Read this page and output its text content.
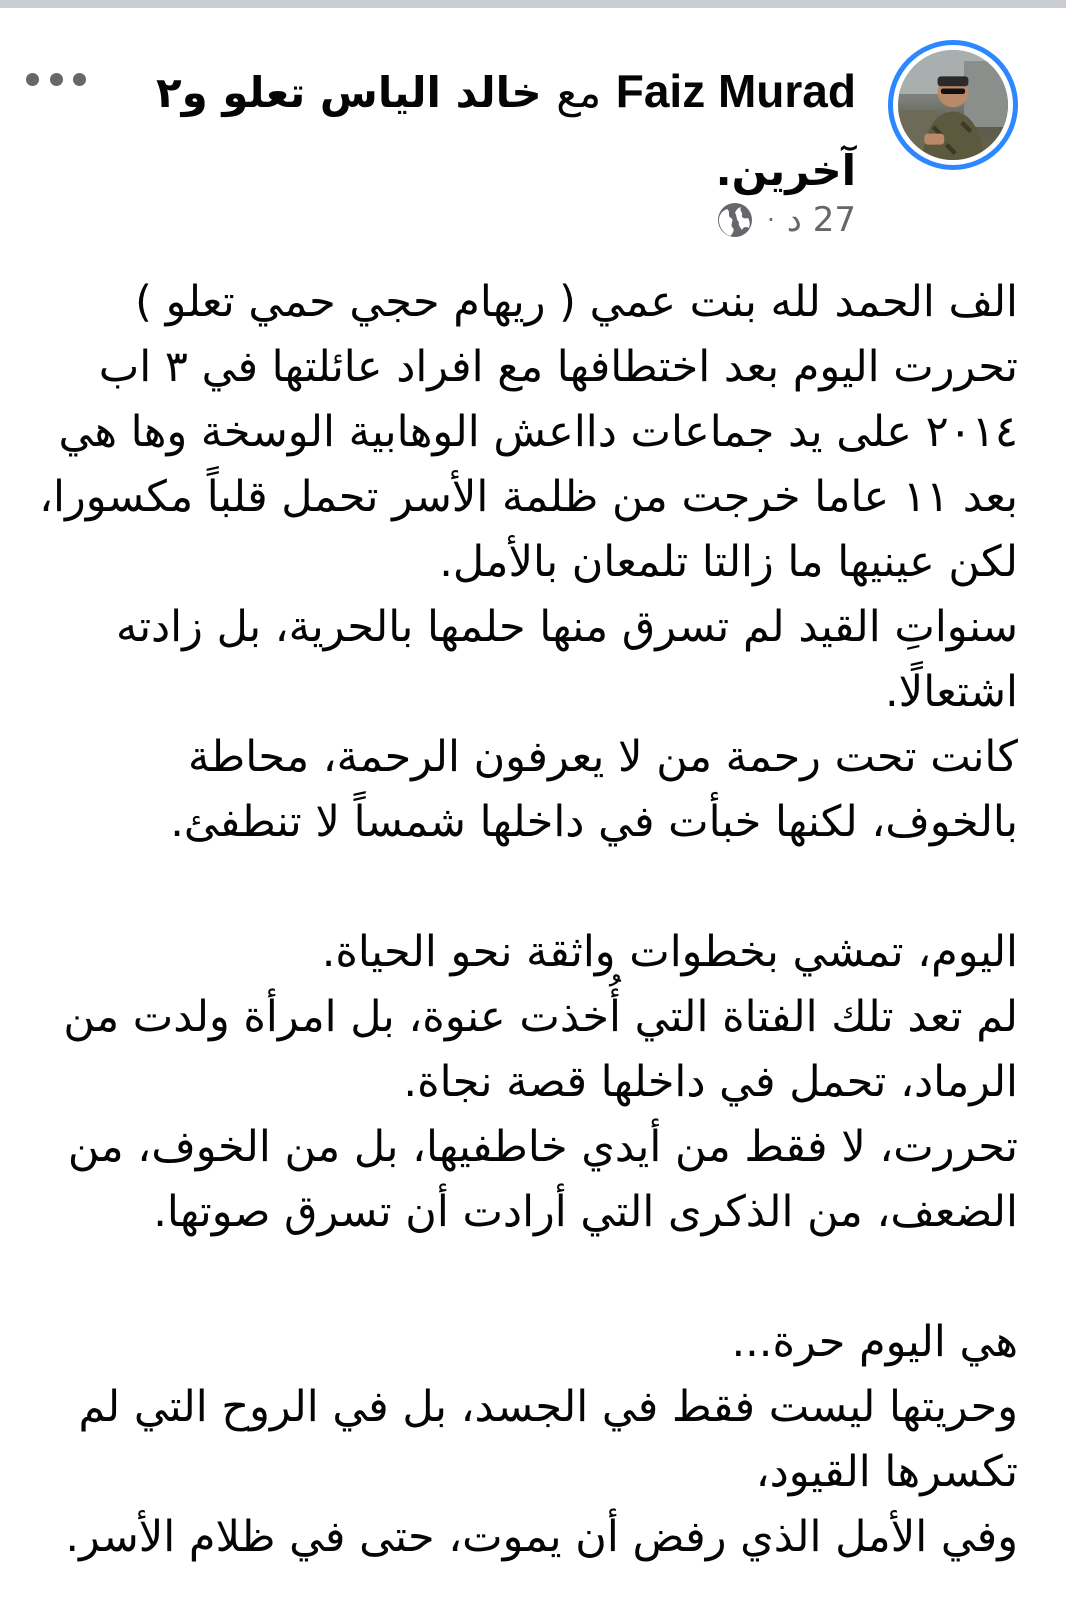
Faiz Murad مع خالد الياس تعلو و٢ آخرين.
27 د
·

الف الحمد لله بنت عمي ( ريهام حجي حمي تعلو ) تحررت اليوم بعد اختطافها مع افراد عائلتها في ٣ اب ٢٠١٤ على يد جماعات دااعش الوهابية الوسخة وها هي بعد ١١ عاما خرجت من ظلمة الأسر تحمل قلباً مكسورا، لكن عينيها ما زالتا تلمعان بالأمل.

سنواتِ القيد لم تسرق منها حلمها بالحرية، بل زادته اشتعالًا.

كانت تحت رحمة من لا يعرفون الرحمة، محاطة بالخوف، لكنها خبأت في داخلها شمساً لا تنطفئ.

اليوم، تمشي بخطوات واثقة نحو الحياة.

لم تعد تلك الفتاة التي أُخذت عنوة، بل امرأة ولدت من الرماد، تحمل في داخلها قصة نجاة.

تحررت، لا فقط من أيدي خاطفيها، بل من الخوف، من الضعف، من الذكرى التي أرادت أن تسرق صوتها.

هي اليوم حرة...

وحريتها ليست فقط في الجسد، بل في الروح التي لم تكسرها القيود،

وفي الأمل الذي رفض أن يموت، حتى في ظلام الأسر.
